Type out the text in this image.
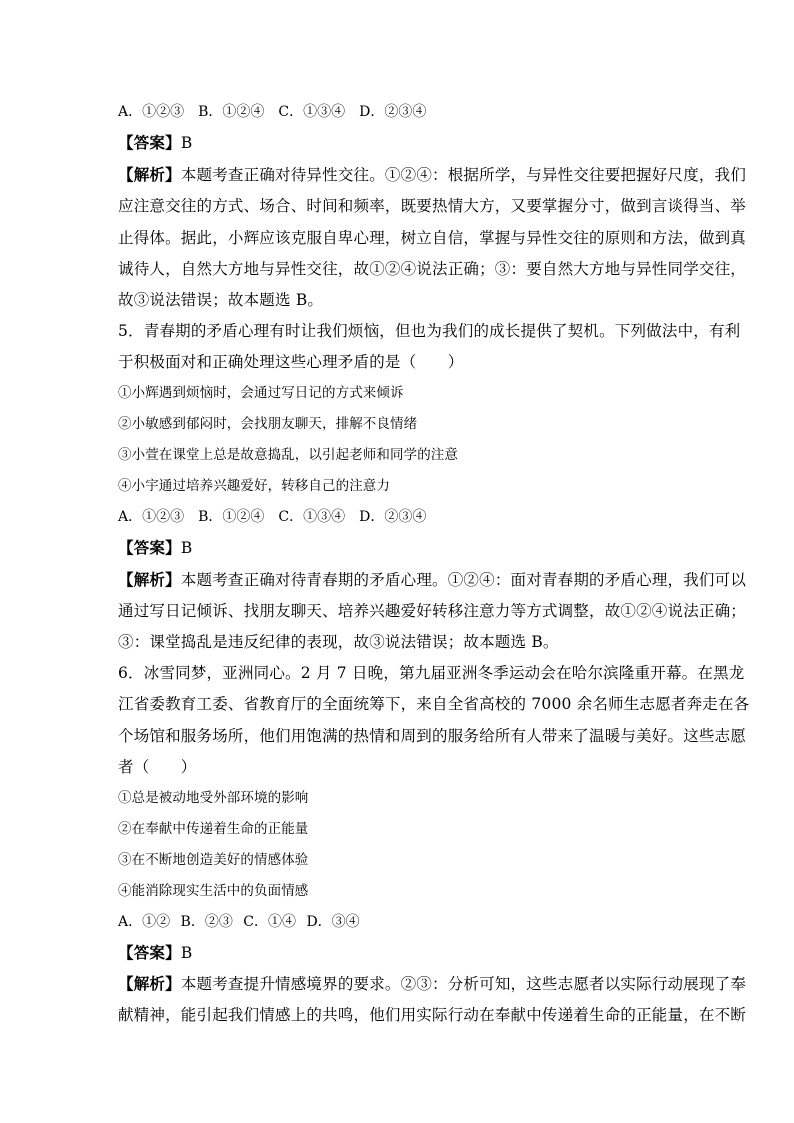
A．①②③　B．①②④　C．①③④　D．②③④
【答案】B
【解析】本题考查正确对待异性交往。①②④：根据所学，与异性交往要把握好尺度，我们
应注意交往的方式、场合、时间和频率，既要热情大方，又要掌握分寸，做到言谈得当、举
止得体。据此，小辉应该克服自卑心理，树立自信，掌握与异性交往的原则和方法，做到真
诚待人，自然大方地与异性交往，故①②④说法正确；③：要自然大方地与异性同学交往，
故③说法错误；故本题选 B。
5．青春期的矛盾心理有时让我们烦恼，但也为我们的成长提供了契机。下列做法中，有利
于积极面对和正确处理这些心理矛盾的是（　　）
①小辉遇到烦恼时，会通过写日记的方式来倾诉
②小敏感到郁闷时，会找朋友聊天，排解不良情绪
③小萱在课堂上总是故意捣乱，以引起老师和同学的注意
④小宇通过培养兴趣爱好，转移自己的注意力
A．①②③　B．①②④　C．①③④　D．②③④
【答案】B
【解析】本题考查正确对待青春期的矛盾心理。①②④：面对青春期的矛盾心理，我们可以
通过写日记倾诉、找朋友聊天、培养兴趣爱好转移注意力等方式调整，故①②④说法正确；
③：课堂捣乱是违反纪律的表现，故③说法错误；故本题选 B。
6．冰雪同梦，亚洲同心。2 月 7 日晚，第九届亚洲冬季运动会在哈尔滨隆重开幕。在黑龙
江省委教育工委、省教育厅的全面统筹下，来自全省高校的 7000 余名师生志愿者奔走在各
个场馆和服务场所，他们用饱满的热情和周到的服务给所有人带来了温暖与美好。这些志愿
者（　　）
①总是被动地受外部环境的影响
②在奉献中传递着生命的正能量
③在不断地创造美好的情感体验
④能消除现实生活中的负面情感
A．①② B．②③ C．①④ D．③④
【答案】B
【解析】本题考查提升情感境界的要求。②③：分析可知，这些志愿者以实际行动展现了奉
献精神，能引起我们情感上的共鸣，他们用实际行动在奉献中传递着生命的正能量，在不断
